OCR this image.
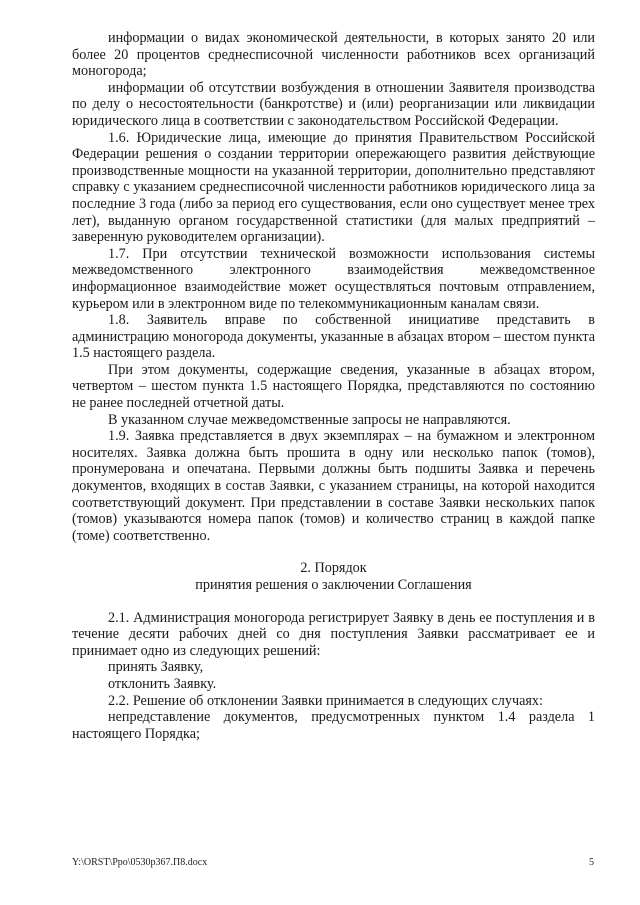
информации о видах экономической деятельности, в которых занято 20 или более 20 процентов среднесписочной численности работников всех организаций моногорода;

информации об отсутствии возбуждения в отношении Заявителя производства по делу о несостоятельности (банкротстве) и (или) реорганизации или ликвидации юридического лица в соответствии с законодательством Российской Федерации.

1.6. Юридические лица, имеющие до принятия Правительством Российской Федерации решения о создании территории опережающего развития действующие производственные мощности на указанной территории, дополнительно представляют справку с указанием среднесписочной численности работников юридического лица за последние 3 года (либо за период его существования, если оно существует менее трех лет), выданную органом государственной статистики (для малых предприятий – заверенную руководителем организации).

1.7. При отсутствии технической возможности использования системы межведомственного электронного взаимодействия межведомственное информационное взаимодействие может осуществляться почтовым отправлением, курьером или в электронном виде по телекоммуникационным каналам связи.

1.8. Заявитель вправе по собственной инициативе представить в администрацию моногорода документы, указанные в абзацах втором – шестом пункта 1.5 настоящего раздела.

При этом документы, содержащие сведения, указанные в абзацах втором, четвертом – шестом пункта 1.5 настоящего Порядка, представляются по состоянию не ранее последней отчетной даты.

В указанном случае межведомственные запросы не направляются.

1.9. Заявка представляется в двух экземплярах – на бумажном и электронном носителях. Заявка должна быть прошита в одну или несколько папок (томов), пронумерована и опечатана. Первыми должны быть подшиты Заявка и перечень документов, входящих в состав Заявки, с указанием страницы, на которой находится соответствующий документ. При представлении в составе Заявки нескольких папок (томов) указываются номера папок (томов) и количество страниц в каждой папке (томе) соответственно.

2. Порядок

принятия решения о заключении Соглашения

2.1. Администрация моногорода регистрирует Заявку в день ее поступления и в течение десяти рабочих дней со дня поступления Заявки рассматривает ее и принимает одно из следующих решений:

принять Заявку,

отклонить Заявку.

2.2. Решение об отклонении Заявки принимается в следующих случаях:

непредставление документов, предусмотренных пунктом 1.4 раздела 1 настоящего Порядка;

Y:\ORST\Ppo\0530p367.П8.docx	5
